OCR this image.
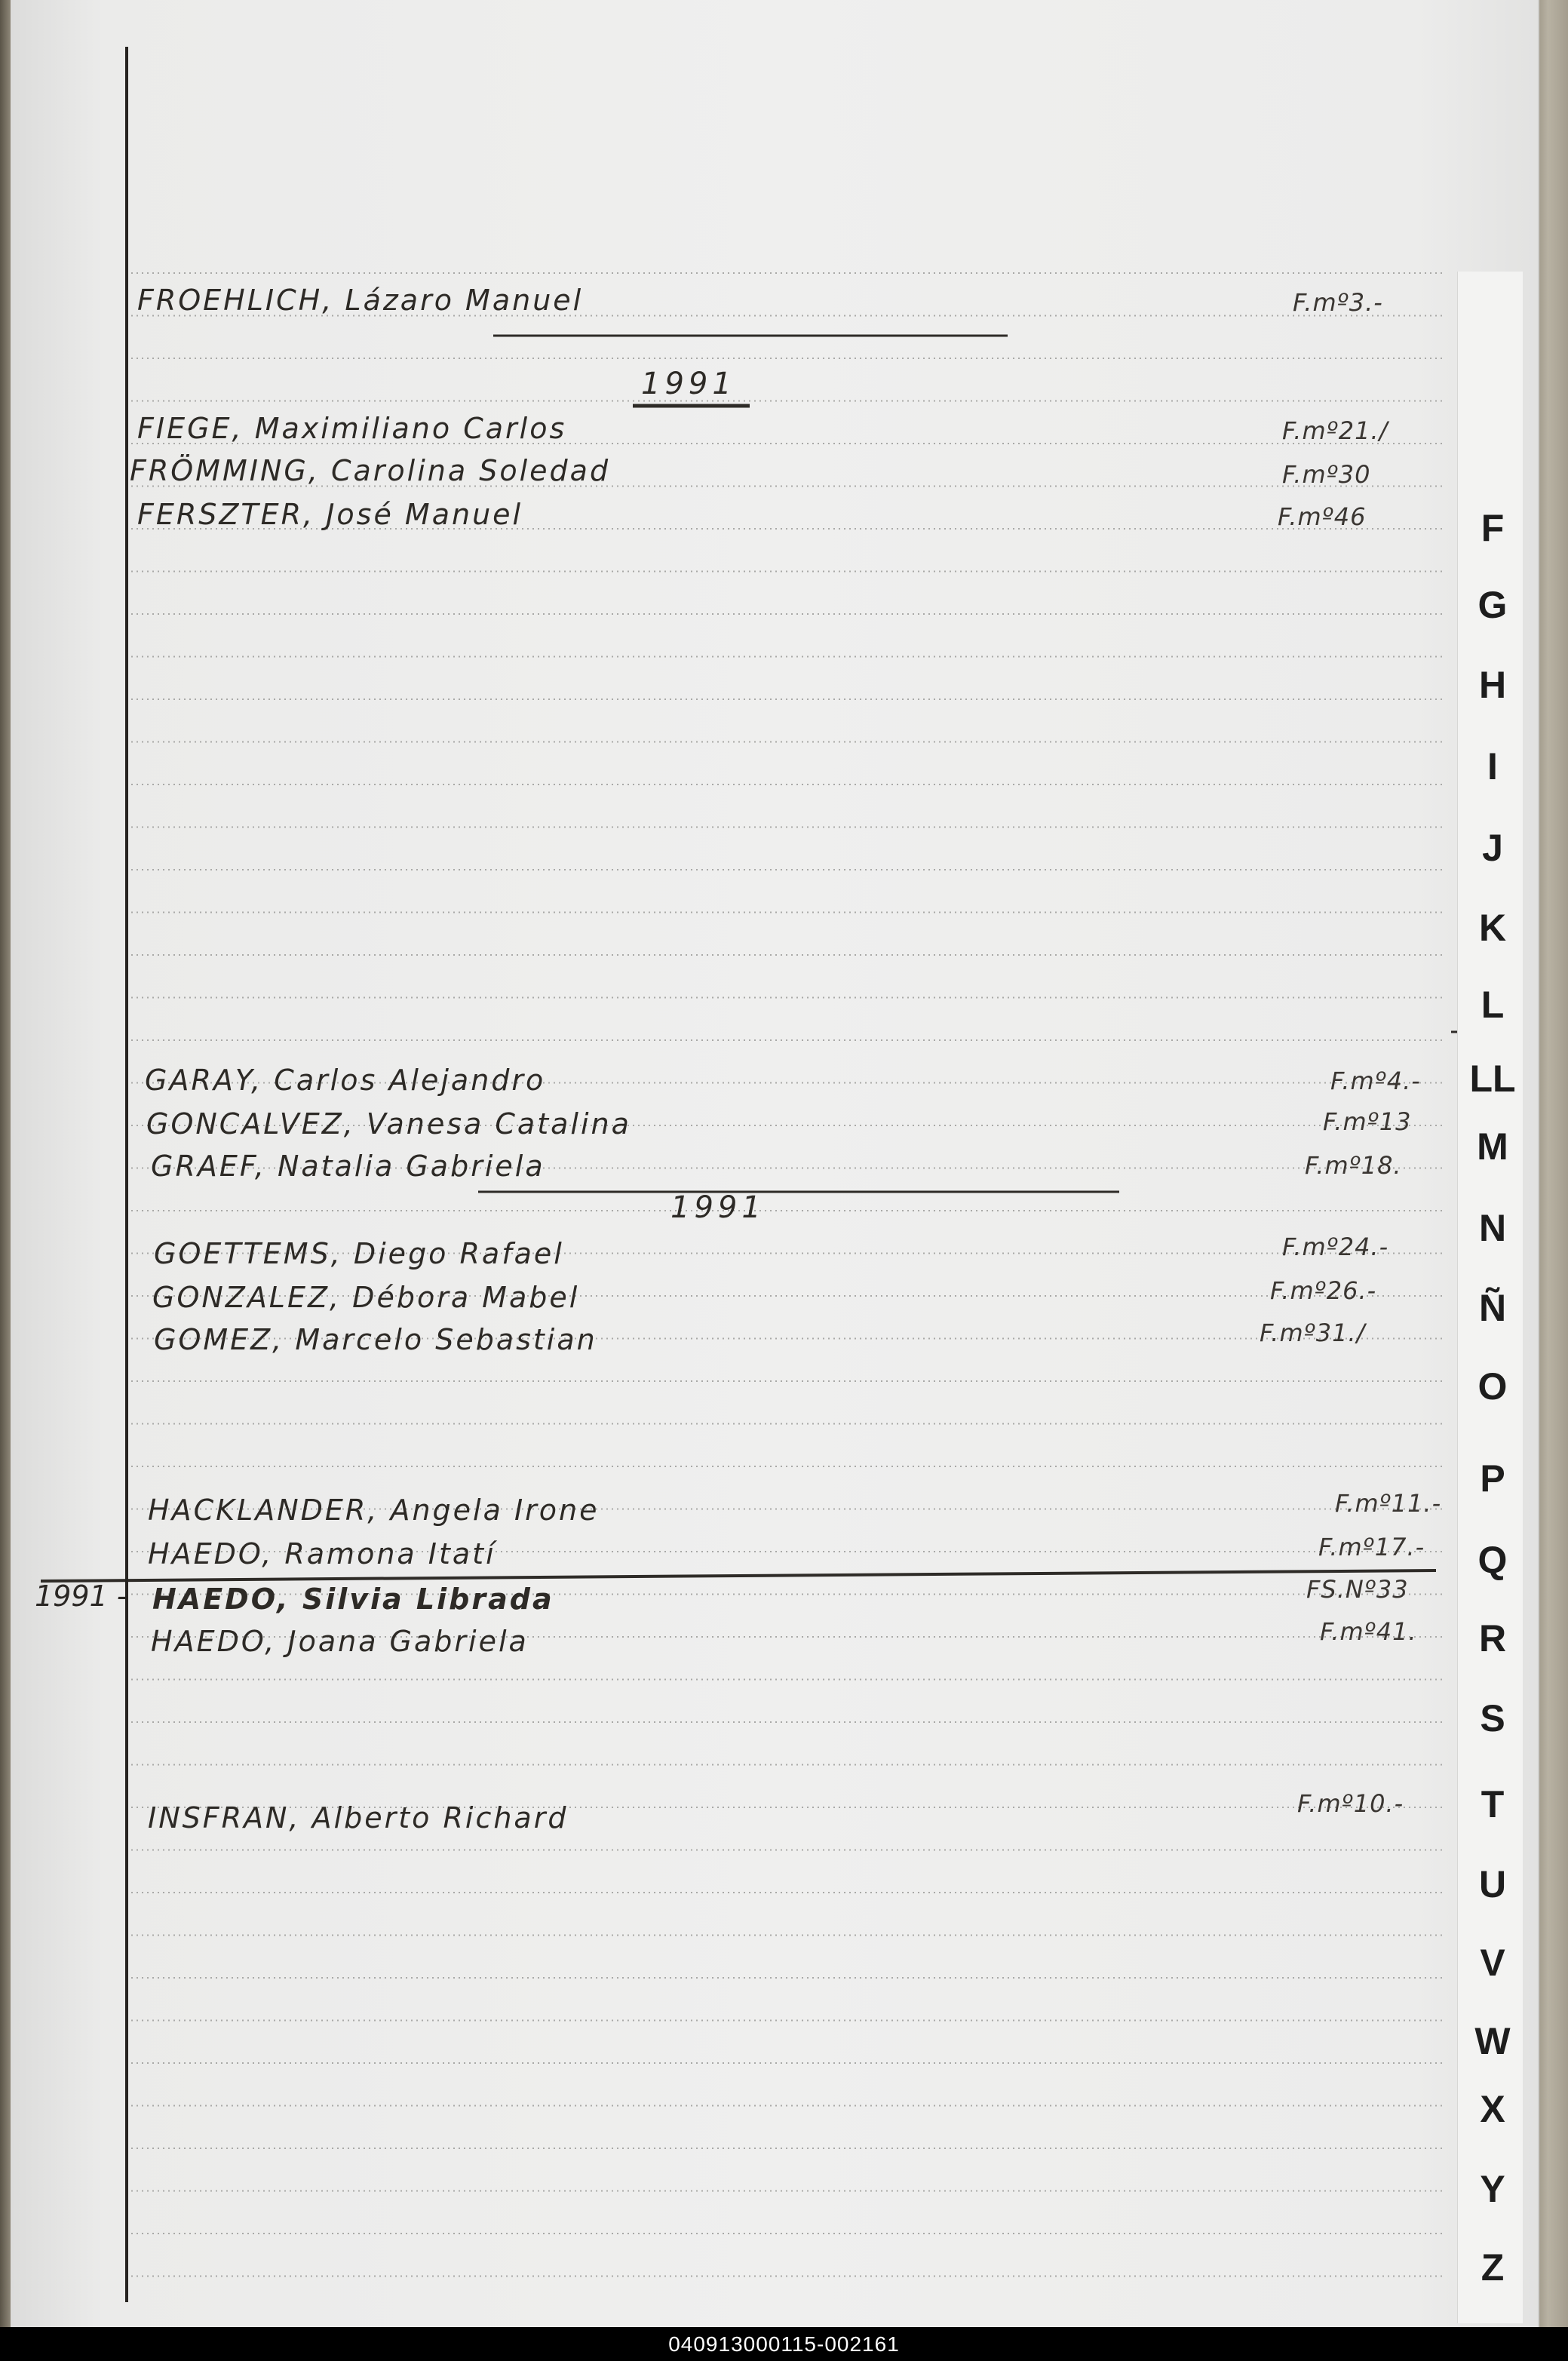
FROEHLICH, Lázaro Manuel	F.mº3.-
1991
FIEGE, Maximiliano Carlos	F.mº21./
FRÖMMING, Carolina Soledad	F.mº30
FERSZTER, José Manuel	F.mº46
GARAY, Carlos Alejandro	F.mº4.-
GONCALVEZ, Vanesa Catalina	F.mº13
GRAEF, Natalia Gabriela	F.mº18.
1991
GOETTEMS, Diego Rafael	F.mº24.-
GONZALEZ, Débora Mabel	F.mº26.-
GOMEZ, Marcelo Sebastian	F.mº31./
HACKLANDER, Angela Irone	F.mº11.-
HAEDO, Ramona Itatí	F.mº17.-
1991 - HAEDO, Silvia Librada	FS.Nº33
HAEDO, Joana Gabriela	F.mº41.
INSFRAN, Alberto Richard	F.mº10.-
F
G
H
I
J
K
L
LL
M
N
Ñ
O
P
Q
R
S
T
U
V
W
X
Y
Z
040913000115-002161
